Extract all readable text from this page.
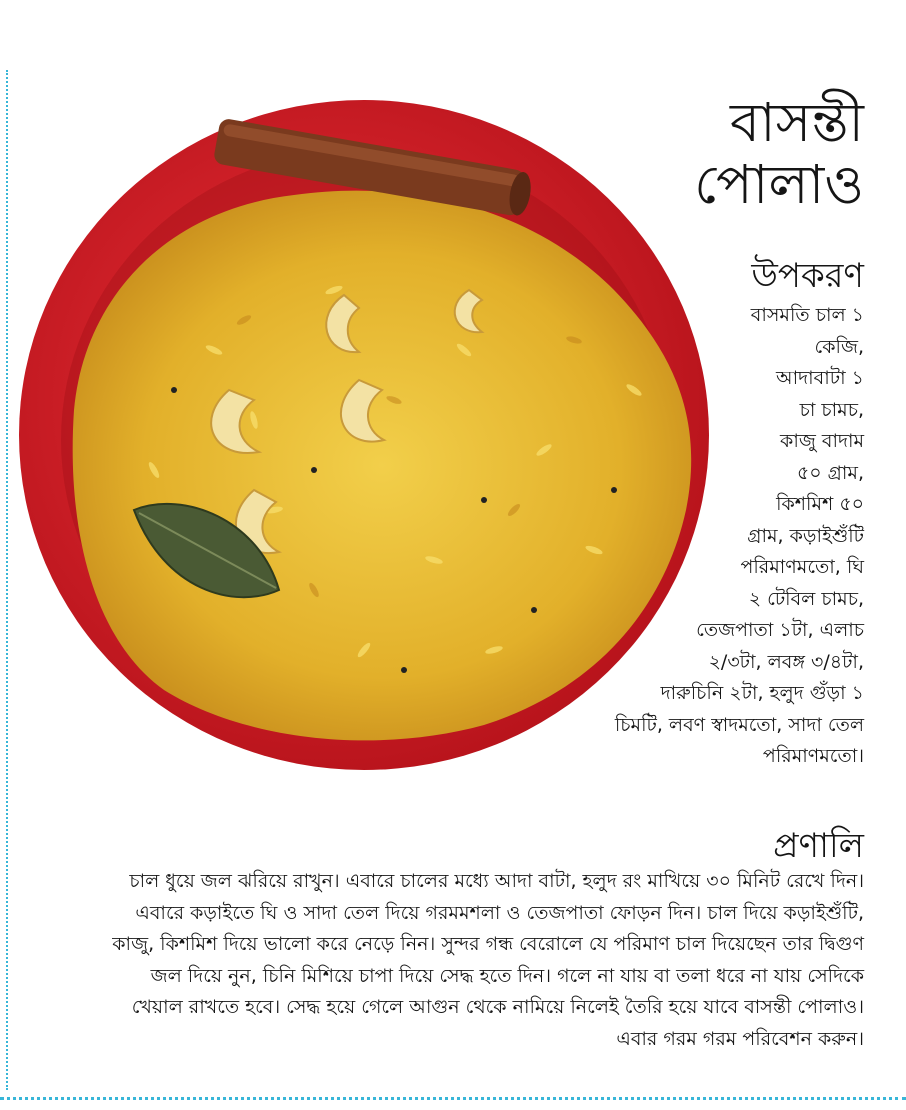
বাসন্তী
পোলাও
উপকরণ
বাসমতি চাল ১
কেজি,
আদাবাটা ১
চা চামচ,
কাজু বাদাম
৫০ গ্রাম,
কিশমিশ ৫০
গ্রাম, কড়াইশুঁটি
পরিমাণমতো, ঘি
২ টেবিল চামচ,
তেজপাতা ১টা, এলাচ
২/৩টা, লবঙ্গ ৩/৪টা,
দারুচিনি ২টা, হলুদ গুঁড়া ১
চিমটি, লবণ স্বাদমতো, সাদা তেল
পরিমাণমতো।
প্রণালি
চাল ধুয়ে জল ঝরিয়ে রাখুন। এবারে চালের মধ্যে আদা বাটা, হলুদ রং মাখিয়ে ৩০ মিনিট রেখে দিন।
এবারে কড়াইতে ঘি ও সাদা তেল দিয়ে গরমমশলা ও তেজপাতা ফোড়ন দিন। চাল দিয়ে কড়াইশুঁটি,
কাজু, কিশমিশ দিয়ে ভালো করে নেড়ে নিন। সুন্দর গন্ধ বেরোলে যে পরিমাণ চাল দিয়েছেন তার দ্বিগুণ
জল দিয়ে নুন, চিনি মিশিয়ে চাপা দিয়ে সেদ্ধ হতে দিন। গলে না যায় বা তলা ধরে না যায় সেদিকে
খেয়াল রাখতে হবে। সেদ্ধ হয়ে গেলে আগুন থেকে নামিয়ে নিলেই তৈরি হয়ে যাবে বাসন্তী পোলাও।
এবার গরম গরম পরিবেশন করুন।
